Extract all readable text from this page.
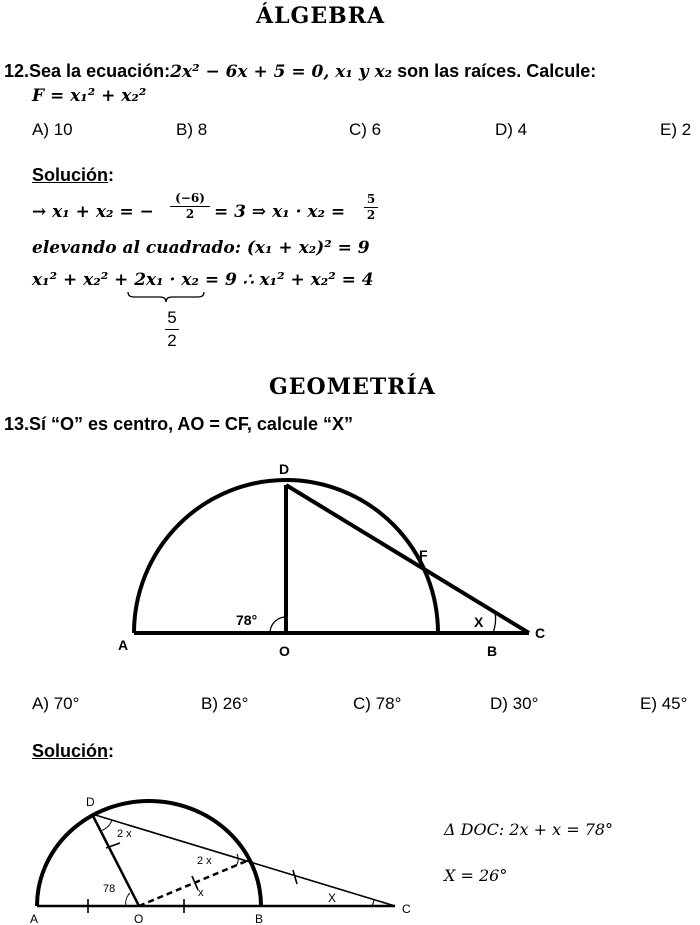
ÁLGEBRA
12.Sea la ecuación:2x² − 6x + 5 = 0, x₁ y x₂ son las raíces. Calcule:
F = x₁² + x₂²
A) 10	B) 8	C) 6	D) 4	E) 2
Solución:
→ x₁ + x₂ = − $\frac{(-6)}{2} = 3$ ⇒ $x_1 \cdot x_2 = \frac{5}{2}$
elevando al cuadrado: (x₁ + x₂)² = 9
x₁² + x₂² + 2x₁ · x₂ = 9 ∴ x₁² + x₂² = 4
$\frac{5}{2}$
GEOMETRÍA
13.Sí “O” es centro, AO = CF, calcule “X”
D
F
A	O	B
C
78°	X
A) 70°	B) 26°	C) 78°	D) 30°	E) 45°
Solución:
D
A	O	B
C
2 x
2 x
x
78
X
Δ DOC: 2x + x = 78°
X = 26°
